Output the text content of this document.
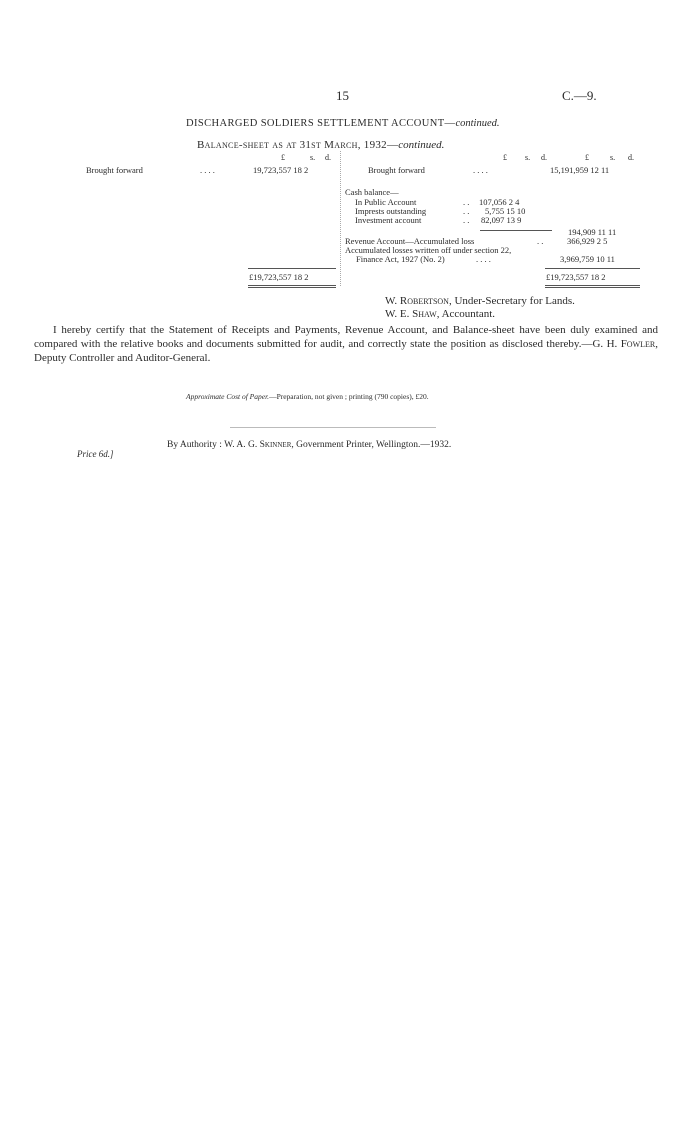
15	C.—9.
DISCHARGED SOLDIERS SETTLEMENT ACCOUNT—continued.
Balance-sheet as at 31st March, 1932—continued.
£	s. d.
Brought forward	. . . .	19,723,557 18 2
£ s. d.	£	s. d.
Brought forward	. . . .	15,191,959 12 11
Cash balance—
In Public Account	. . 107,056 2 4
Imprests outstanding	. . 5,755 15 10
Investment account	. . 82,097 13 9
194,909 11 11
Revenue Account—Accumulated loss	. .	366,929 2 5
Accumulated losses written off under section 22,
Finance Act, 1927 (No. 2)	. . . .	3,969,759 10 11
£19,723,557 18 2	£19,723,557 18 2
W. Robertson, Under-Secretary for Lands.
W. E. Shaw, Accountant.
I hereby certify that the Statement of Receipts and Payments, Revenue Account, and Balance-sheet have been duly examined and compared with the relative books and documents submitted for audit, and correctly state the position as disclosed thereby.—G. H. Fowler, Deputy Controller and Auditor-General.
Approximate Cost of Paper.—Preparation, not given ; printing (790 copies), £20.
By Authority : W. A. G. Skinner, Government Printer, Wellington.—1932.
Price 6d.]
